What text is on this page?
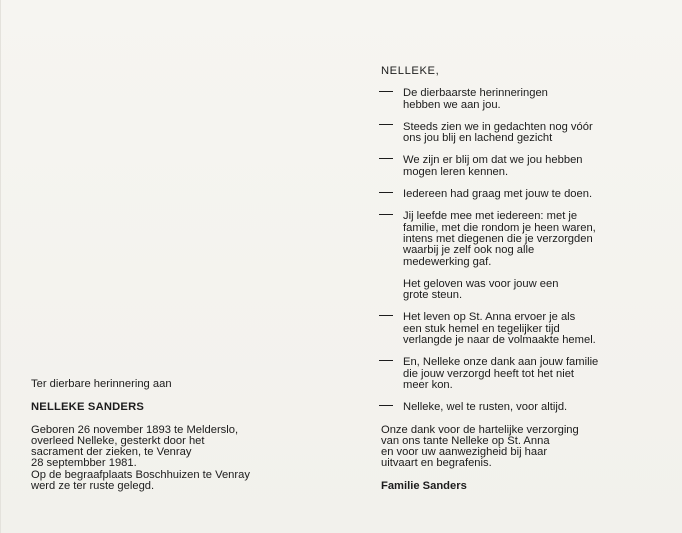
Ter dierbare herinnering aan
NELLEKE SANDERS
Geboren 26 november 1893 te Melderslo,
overleed Nelleke, gesterkt door het
sacrament der zieken, te Venray
28 septembber 1981.
Op de begraafplaats Boschhuizen te Venray
werd ze ter ruste gelegd.
NELLEKE,
De dierbaarste herinneringen
hebben we aan jou.
Steeds zien we in gedachten nog vóór
ons jou blij en lachend gezicht
We zijn er blij om dat we jou hebben
mogen leren kennen.
Iedereen had graag met jouw te doen.
Jij leefde mee met iedereen: met je
familie, met die rondom je heen waren,
intens met diegenen die je verzorgden
waarbij je zelf ook nog alle
medewerking gaf.
Het geloven was voor jouw een
grote steun.
Het leven op St. Anna ervoer je als
een stuk hemel en tegelijker tijd
verlangde je naar de volmaakte hemel.
En, Nelleke onze dank aan jouw familie
die jouw verzorgd heeft tot het niet
meer kon.
Nelleke, wel te rusten, voor altijd.
Onze dank voor de hartelijke verzorging
van ons tante Nelleke op St. Anna
en voor uw aanwezigheid bij haar
uitvaart en begrafenis.
Familie Sanders
